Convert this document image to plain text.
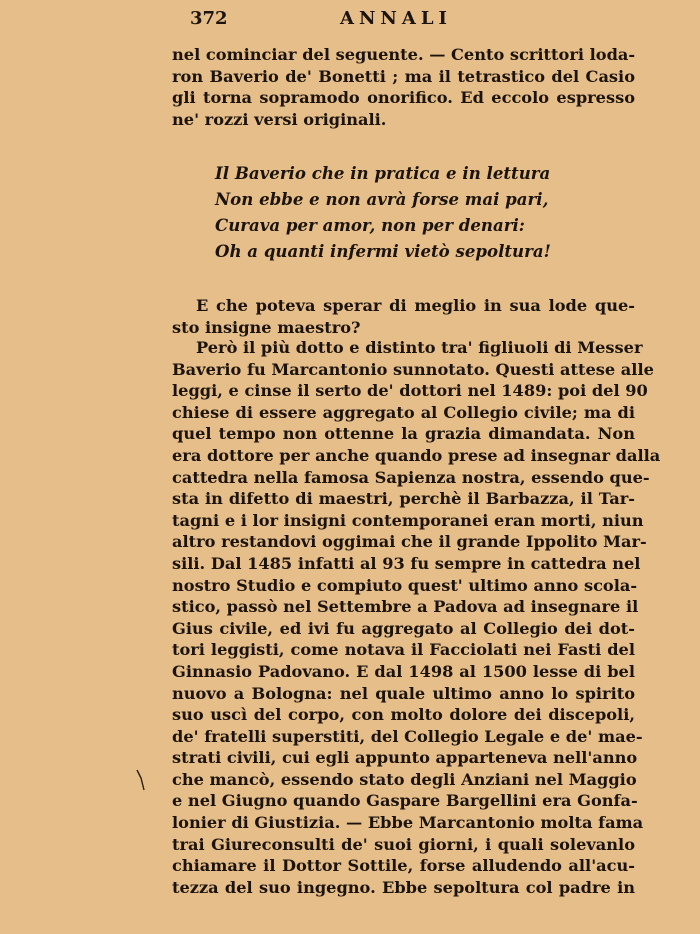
372	ANNALI
nel cominciar del seguente. — Cento scrittori loda-
ron Baverio de' Bonetti ; ma il tetrastico del Casio
gli torna sopramodo onorifico. Ed eccolo espresso
ne' rozzi versi originali.
Il Baverio che in pratica e in lettura
Non ebbe e non avrà forse mai pari,
Curava per amor, non per denari:
Oh a quanti infermi vietò sepoltura!
E che poteva sperar di meglio in sua lode que-
sto insigne maestro?
Però il più dotto e distinto tra' figliuoli di Messer
Baverio fu Marcantonio sunnotato. Questi attese alle
leggi, e cinse il serto de' dottori nel 1489: poi del 90
chiese di essere aggregato al Collegio civile; ma di
quel tempo non ottenne la grazia dimandata. Non
era dottore per anche quando prese ad insegnar dalla
cattedra nella famosa Sapienza nostra, essendo que-
sta in difetto di maestri, perchè il Barbazza, il Tar-
tagni e i lor insigni contemporanei eran morti, niun
altro restandovi oggimai che il grande Ippolito Mar-
sili. Dal 1485 infatti al 93 fu sempre in cattedra nel
nostro Studio e compiuto quest' ultimo anno scola-
stico, passò nel Settembre a Padova ad insegnare il
Gius civile, ed ivi fu aggregato al Collegio dei dot-
tori leggisti, come notava il Facciolati nei Fasti del
Ginnasio Padovano. E dal 1498 al 1500 lesse di bel
nuovo a Bologna: nel quale ultimo anno lo spirito
suo uscì del corpo, con molto dolore dei discepoli,
de' fratelli superstiti, del Collegio Legale e de' mae-
strati civili, cui egli appunto apparteneva nell'anno
che mancò, essendo stato degli Anziani nel Maggio
e nel Giugno quando Gaspare Bargellini era Gonfa-
lonier di Giustizia. — Ebbe Marcantonio molta fama
trai Giureconsulti de' suoi giorni, i quali solevanlo
chiamare il Dottor Sottile, forse alludendo all'acu-
tezza del suo ingegno. Ebbe sepoltura col padre in
